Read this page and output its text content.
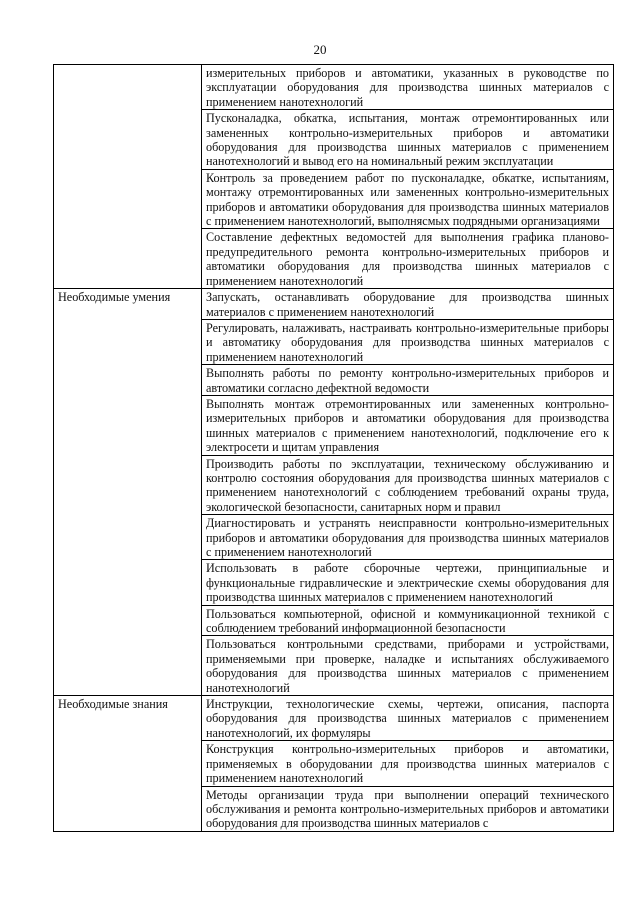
20

	измерительных приборов и автоматики, указанных в руководстве по эксплуатации оборудования для производства шинных материалов с применением нанотехнологий

	Пусконаладка, обкатка, испытания, монтаж отремонтированных или замененных контрольно-измерительных приборов и автоматики оборудования для производства шинных материалов с применением нанотехнологий и вывод его на номинальный режим эксплуатации

	Контроль за проведением работ по пусконаладке, обкатке, испытаниям, монтажу отремонтированных или замененных контрольно-измерительных приборов и автоматики оборудования для производства шинных материалов с применением нанотехнологий, выполнясмых подрядными организациями

	Составление дефектных ведомостей для выполнения графика планово-предупредительного ремонта контрольно-измерительных приборов и автоматики оборудования для производства шинных материалов с применением нанотехнологий

Необходимые умения	Запускать, останавливать оборудование для производства шинных материалов с применением нанотехнологий

	Регулировать, налаживать, настраивать контрольно-измерительные приборы и автоматику оборудования для производства шинных материалов с применением нанотехнологий

	Выполнять работы по ремонту контрольно-измерительных приборов и автоматики согласно дефектной ведомости

	Выполнять монтаж отремонтированных или замененных контрольно-измерительных приборов и автоматики оборудования для производства шинных материалов с применением нанотехнологий, подключение его к электросети и щитам управления

	Производить работы по эксплуатации, техническому обслуживанию и контролю состояния оборудования для производства шинных материалов с применением нанотехнологий с соблюдением требований охраны труда, экологической безопасности, санитарных норм и правил

	Диагностировать и устранять неисправности контрольно-измерительных приборов и автоматики оборудования для производства шинных материалов с применением нанотехнологий

	Использовать в работе сборочные чертежи, принципиальные и функциональные гидравлические и электрические схемы оборудования для производства шинных материалов с применением нанотехнологий

	Пользоваться компьютерной, офисной и коммуникационной техникой с соблюдением требований информационной безопасности

	Пользоваться контрольными средствами, приборами и устройствами, применяемыми при проверке, наладке и испытаниях обслуживаемого оборудования для производства шинных материалов с применением нанотехнологий

Необходимые знания	Инструкции, технологические схемы, чертежи, описания, паспорта оборудования для производства шинных материалов с применением нанотехнологий, их формуляры

	Конструкция контрольно-измерительных приборов и автоматики, применяемых в оборудовании для производства шинных материалов с применением нанотехнологий

	Методы организации труда при выполнении операций технического обслуживания и ремонта контрольно-измерительных приборов и автоматики оборудования для производства шинных материалов с
